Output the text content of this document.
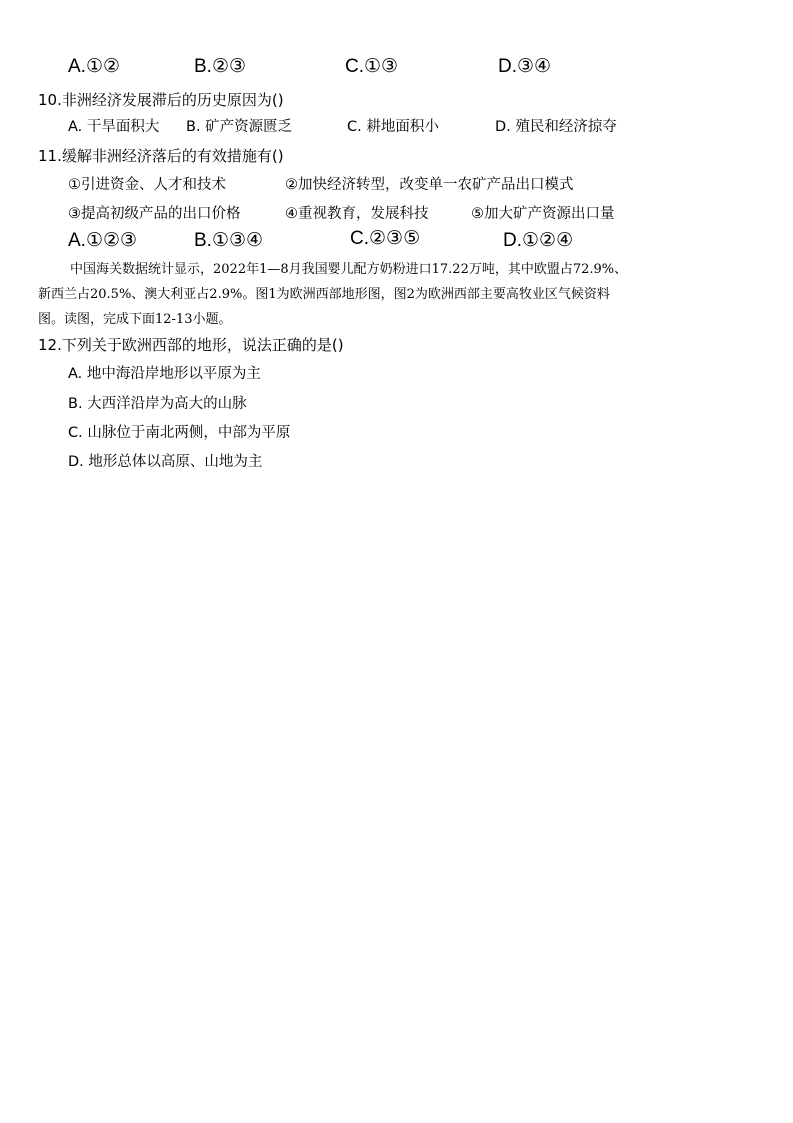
A.①②	B.②③	C.①③	D.③④
10.非洲经济发展滞后的历史原因为()
A. 干旱面积大 B. 矿产资源匮乏	C. 耕地面积小	D. 殖民和经济掠夺
11.缓解非洲经济落后的有效措施有()
①引进资金、人才和技术	②加快经济转型，改变单一农矿产品出口模式
③提高初级产品的出口价格	④重视教育，发展科技	⑤加大矿产资源出口量
A.①②③	B.①③④	C.②③⑤	D.①②④
中国海关数据统计显示，2022年1—8月我国婴儿配方奶粉进口17.22万吨，其中欧盟占72.9%、
新西兰占20.5%、澳大利亚占2.9%。图1为欧洲西部地形图，图2为欧洲西部主要高牧业区气候资料
图。读图，完成下面12-13小题。
12.下列关于欧洲西部的地形，说法正确的是()
A. 地中海沿岸地形以平原为主
B. 大西洋沿岸为高大的山脉
C. 山脉位于南北两侧，中部为平原
D. 地形总体以高原、山地为主
